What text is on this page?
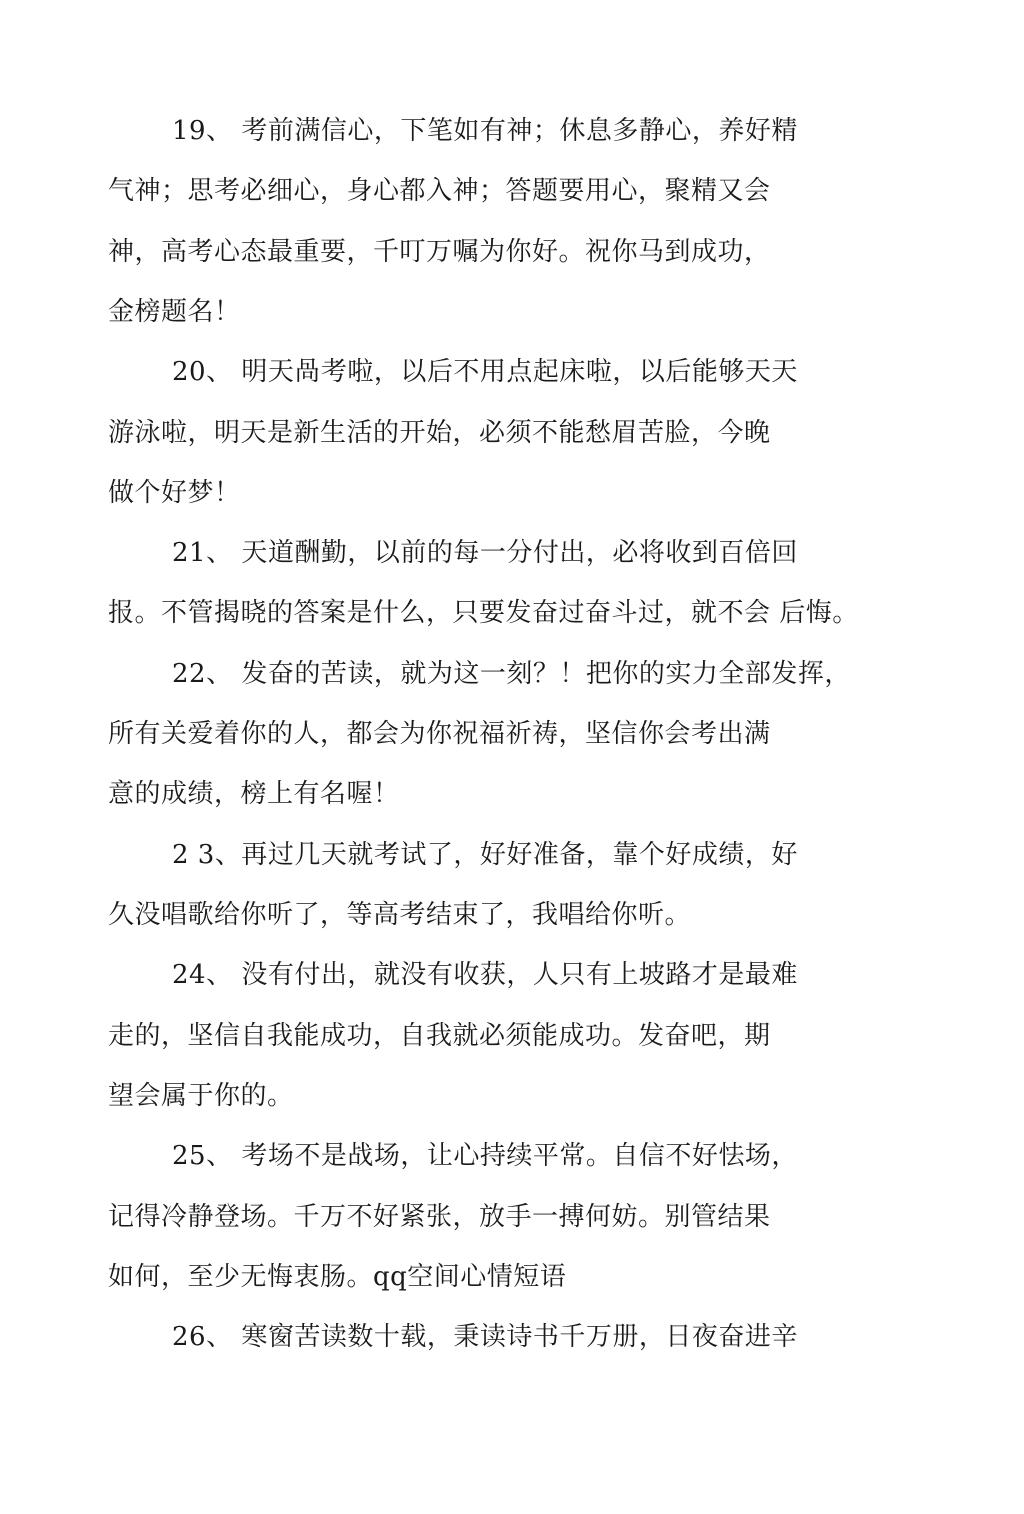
19、 考前满信心，下笔如有神；休息多静心，养好精

气神；思考必细心，身心都入神；答题要用心，聚精又会

神，高考心态最重要，千叮万嘱为你好。祝你马到成功，

金榜题名！

20、 明天咼考啦，以后不用点起床啦，以后能够天天

游泳啦，明天是新生活的开始，必须不能愁眉苦脸，今晚

做个好梦！

21、 天道酬勤，以前的每一分付出，必将收到百倍回

报。不管揭晓的答案是什么，只要发奋过奋斗过，就不会 后悔。

22、 发奋的苦读，就为这一刻？！把你的实力全部发挥，

所有关爱着你的人，都会为你祝福祈祷，坚信你会考出满

意的成绩，榜上有名喔！

2 3、再过几天就考试了，好好准备，靠个好成绩，好

久没唱歌给你听了，等高考结束了，我唱给你听。

24、 没有付出，就没有收获，人只有上坡路才是最难

走的，坚信自我能成功，自我就必须能成功。发奋吧，期

望会属于你的。

25、 考场不是战场，让心持续平常。自信不好怯场，

记得冷静登场。千万不好紧张，放手一搏何妨。别管结果

如何，至少无悔衷肠。qq空间心情短语

26、 寒窗苦读数十载，秉读诗书千万册，日夜奋进辛
